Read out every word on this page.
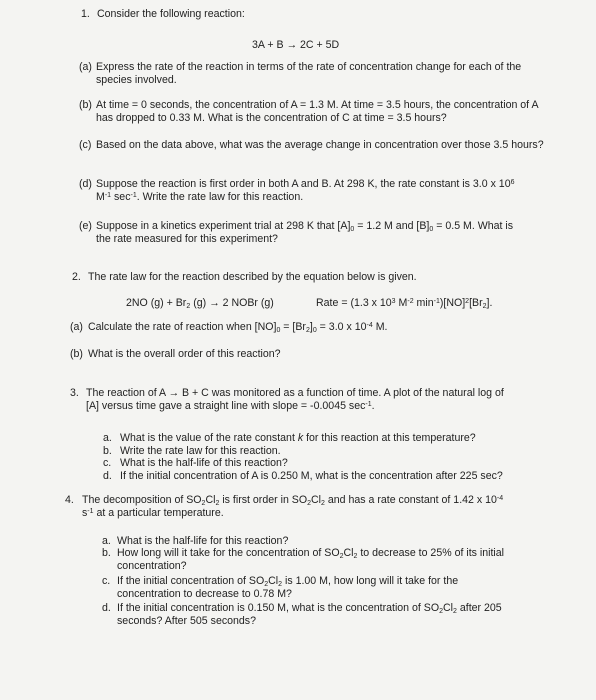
1. Consider the following reaction:
3A + B → 2C + 5D
(a) Express the rate of the reaction in terms of the rate of concentration change for each of the species involved.
(b) At time = 0 seconds, the concentration of A = 1.3 M. At time = 3.5 hours, the concentration of A has dropped to 0.33 M. What is the concentration of C at time = 3.5 hours?
(c) Based on the data above, what was the average change in concentration over those 3.5 hours?
(d) Suppose the reaction is first order in both A and B. At 298 K, the rate constant is 3.0 x $10^6$
$M^{-1}$ $\sec^{-1}$. Write the rate law for this reaction.
(e) Suppose in a kinetics experiment trial at 298 K that $[A]_0 = 1.2$ M and $[B]_0 = 0.5$ M. What is
the rate measured for this experiment?
2. The rate law for the reaction described by the equation below is given.
2NO $(g) + Br_2$ (g) → 2 NOBr (g)	Rate = (1.3 x $10^3$ $M^{-2}$ $\min^{-1})[NO]^2[Br_2]$.
(a) Calculate the rate of reaction when $[NO]_0 = [Br_2]_0 = 3.0$ x $10^{-4}$ M.
(b) What is the overall order of this reaction?
3. The reaction of A → B + C was monitored as a function of time. A plot of the natural log of
[A] versus time gave a straight line with slope = -0.0045 $\sec^{-1}$.
a. What is the value of the rate constant k for this reaction at this temperature?
b. Write the rate law for this reaction.
c. What is the half-life of this reaction?
d. If the initial concentration of A is 0.250 M, what is the concentration after 225 sec?
4. The decomposition of $SO_2Cl_2$ is first order in $SO_2Cl_2$ and has a rate constant of 1.42 x $10^{-4}$
$s^{-1}$ at a particular temperature.
a. What is the half-life for this reaction?
b. How long will it take for the concentration of $SO_2Cl_2$ to decrease to 25% of its initial
concentration?
c. If the initial concentration of $SO_2Cl_2$ is 1.00 M, how long will it take for the
concentration to decrease to 0.78 M?
d. If the initial concentration is 0.150 M, what is the concentration of $SO_2Cl_2$ after 205
seconds? After 505 seconds?
